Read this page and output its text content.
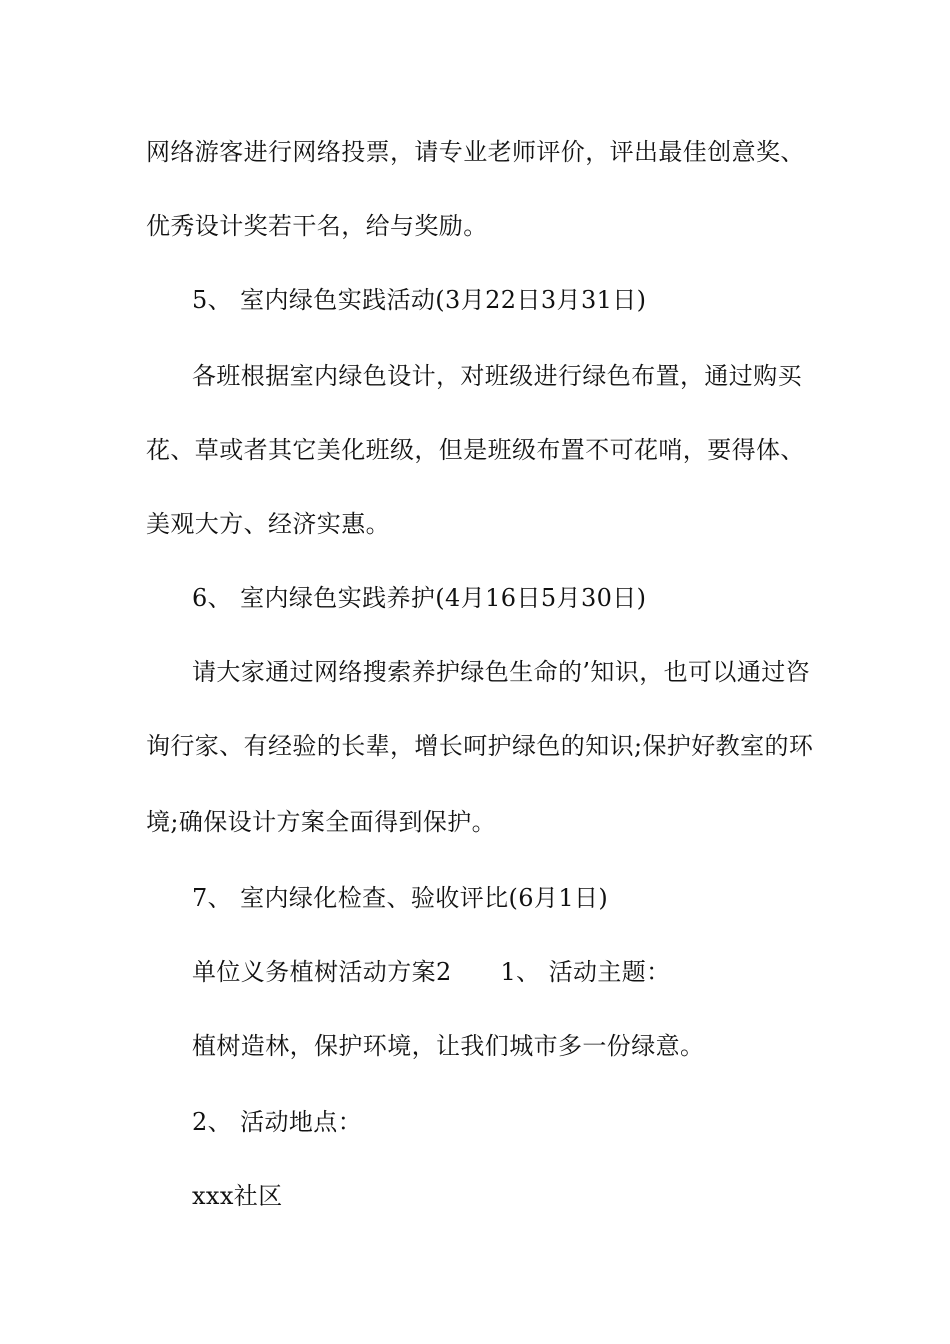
网络游客进行网络投票，请专业老师评价，评出最佳创意奖、

优秀设计奖若干名，给与奖励。

5、 室内绿色实践活动(3月22日3月31日)

各班根据室内绿色设计，对班级进行绿色布置，通过购买

花、草或者其它美化班级，但是班级布置不可花哨，要得体、

美观大方、经济实惠。

6、 室内绿色实践养护(4月16日5月30日)

请大家通过网络搜索养护绿色生命的’知识，也可以通过咨

询行家、有经验的长辈，增长呵护绿色的知识;保护好教室的环

境;确保设计方案全面得到保护。

7、 室内绿化检查、验收评比(6月1日)

单位义务植树活动方案2　　1、 活动主题：

植树造林，保护环境，让我们城市多一份绿意。

2、 活动地点：

xxx社区
